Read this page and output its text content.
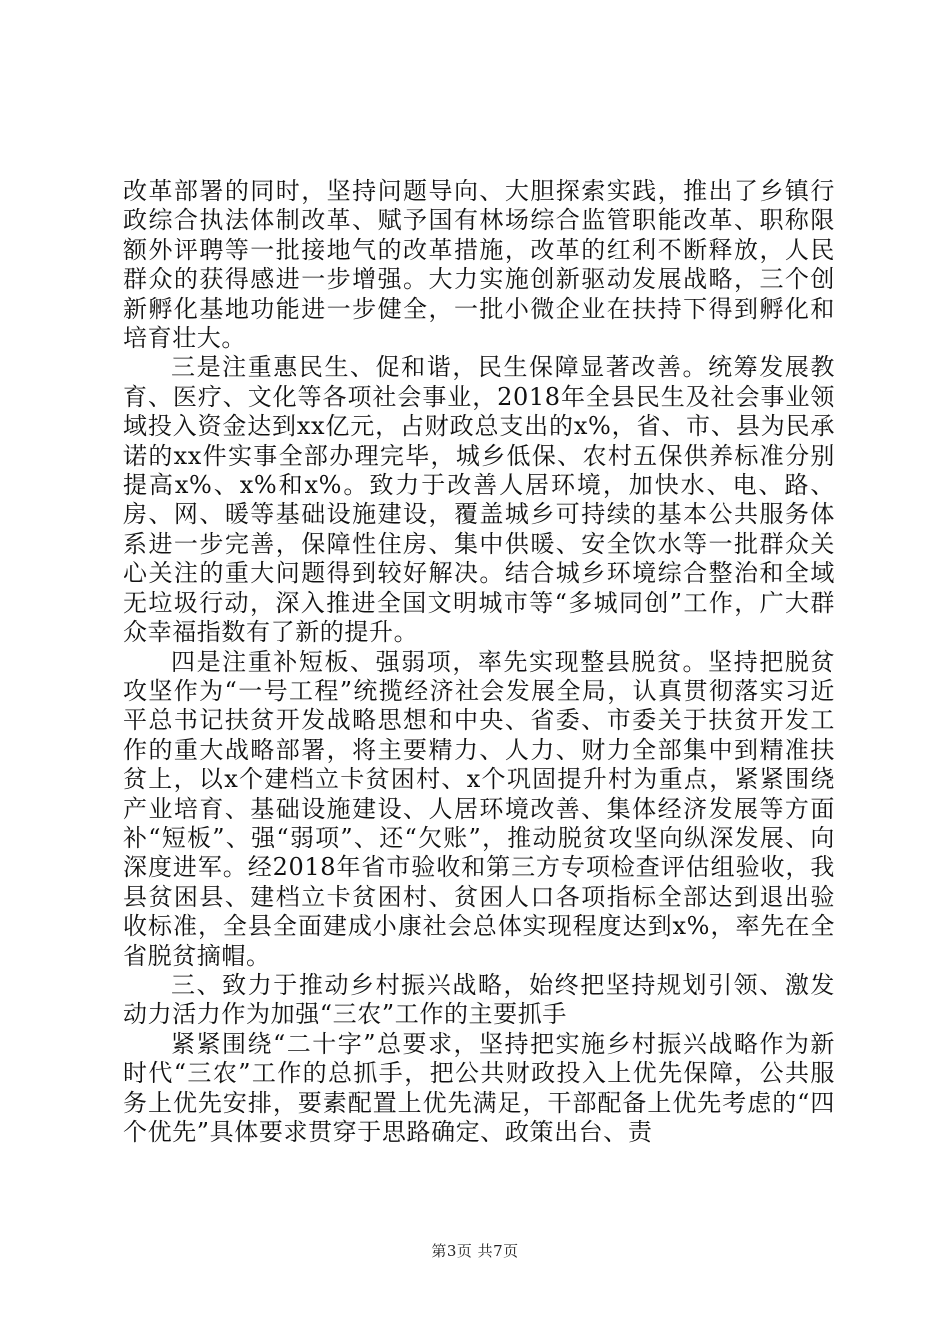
改革部署的同时，坚持问题导向、大胆探索实践，推出了乡镇行政综合执法体制改革、赋予国有林场综合监管职能改革、职称限额外评聘等一批接地气的改革措施，改革的红利不断释放，人民群众的获得感进一步增强。大力实施创新驱动发展战略，三个创新孵化基地功能进一步健全，一批小微企业在扶持下得到孵化和培育壮大。

三是注重惠民生、促和谐，民生保障显著改善。统筹发展教育、医疗、文化等各项社会事业，2018年全县民生及社会事业领域投入资金达到xx亿元，占财政总支出的x%，省、市、县为民承诺的xx件实事全部办理完毕，城乡低保、农村五保供养标准分别提高x%、x%和x%。致力于改善人居环境，加快水、电、路、房、网、暖等基础设施建设，覆盖城乡可持续的基本公共服务体系进一步完善，保障性住房、集中供暖、安全饮水等一批群众关心关注的重大问题得到较好解决。结合城乡环境综合整治和全域无垃圾行动，深入推进全国文明城市等“多城同创”工作，广大群众幸福指数有了新的提升。

四是注重补短板、强弱项，率先实现整县脱贫。坚持把脱贫攻坚作为“一号工程”统揽经济社会发展全局，认真贯彻落实习近平总书记扶贫开发战略思想和中央、省委、市委关于扶贫开发工作的重大战略部署，将主要精力、人力、财力全部集中到精准扶贫上，以x个建档立卡贫困村、x个巩固提升村为重点，紧紧围绕产业培育、基础设施建设、人居环境改善、集体经济发展等方面补“短板”、强“弱项”、还“欠账”，推动脱贫攻坚向纵深发展、向深度进军。经2018年省市验收和第三方专项检查评估组验收，我县贫困县、建档立卡贫困村、贫困人口各项指标全部达到退出验收标准，全县全面建成小康社会总体实现程度达到x%，率先在全省脱贫摘帽。

三、致力于推动乡村振兴战略，始终把坚持规划引领、激发动力活力作为加强“三农”工作的主要抓手

紧紧围绕“二十字”总要求，坚持把实施乡村振兴战略作为新时代“三农”工作的总抓手，把公共财政投入上优先保障，公共服务上优先安排，要素配置上优先满足，干部配备上优先考虑的“四个优先”具体要求贯穿于思路确定、政策出台、责

第3页 共7页
